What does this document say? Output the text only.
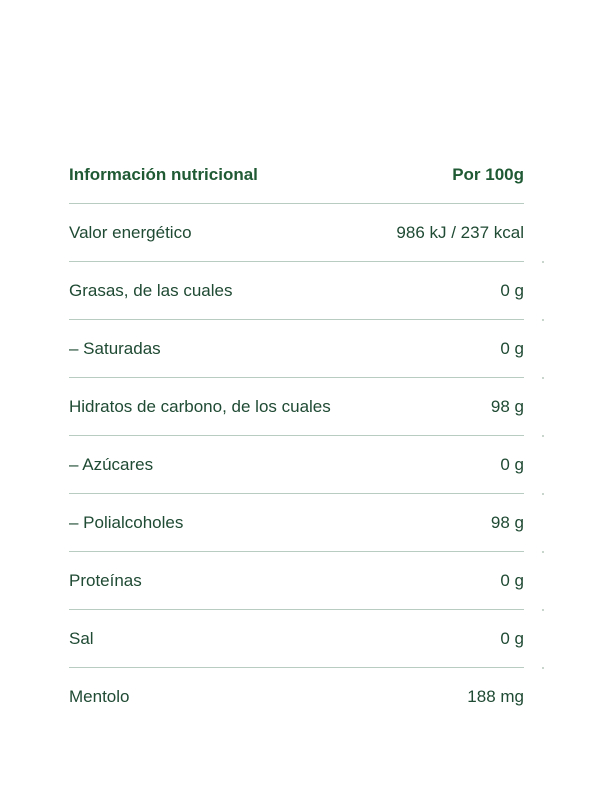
Información nutricional	Por 100g
Valor energético	986 kJ / 237 kcal
Grasas, de las cuales	0 g
– Saturadas	0 g
Hidratos de carbono, de los cuales	98 g
– Azúcares	0 g
– Polialcoholes	98 g
Proteínas	0 g
Sal	0 g
Mentolo	188 mg
